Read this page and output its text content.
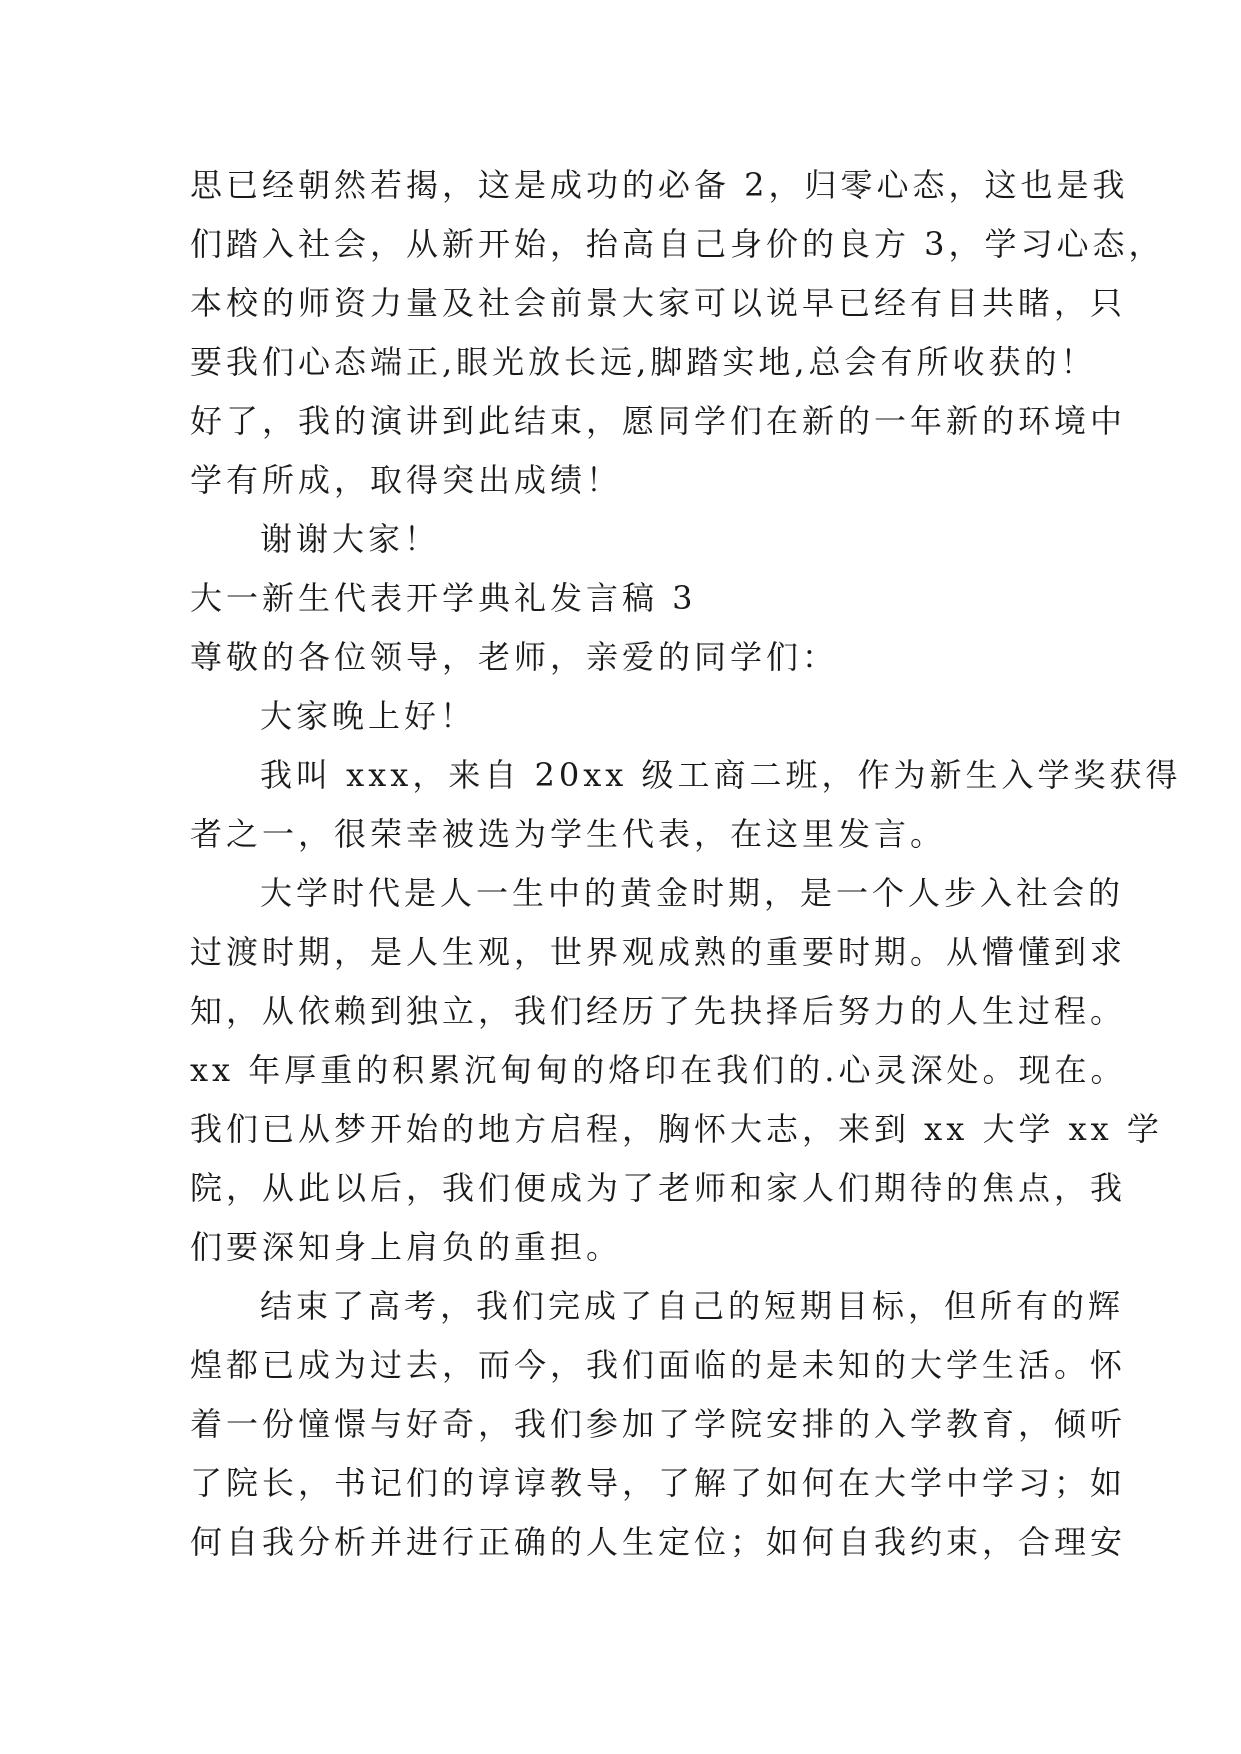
思已经朝然若揭，这是成功的必备 2，归零心态，这也是我
们踏入社会，从新开始，抬高自己身价的良方 3，学习心态，
本校的师资力量及社会前景大家可以说早已经有目共睹，只
要我们心态端正,眼光放长远,脚踏实地,总会有所收获的！
好了，我的演讲到此结束，愿同学们在新的一年新的环境中
学有所成，取得突出成绩！
谢谢大家！
大一新生代表开学典礼发言稿 3
尊敬的各位领导，老师，亲爱的同学们：
大家晚上好！
我叫 xxx，来自 20xx 级工商二班，作为新生入学奖获得
者之一，很荣幸被选为学生代表，在这里发言。
大学时代是人一生中的黄金时期，是一个人步入社会的
过渡时期，是人生观，世界观成熟的重要时期。从懵懂到求
知，从依赖到独立，我们经历了先抉择后努力的人生过程。
xx 年厚重的积累沉甸甸的烙印在我们的.心灵深处。现在。
我们已从梦开始的地方启程，胸怀大志，来到 xx 大学 xx 学
院，从此以后，我们便成为了老师和家人们期待的焦点，我
们要深知身上肩负的重担。
结束了高考，我们完成了自己的短期目标，但所有的辉
煌都已成为过去，而今，我们面临的是未知的大学生活。怀
着一份憧憬与好奇，我们参加了学院安排的入学教育，倾听
了院长，书记们的谆谆教导，了解了如何在大学中学习；如
何自我分析并进行正确的人生定位；如何自我约束，合理安
